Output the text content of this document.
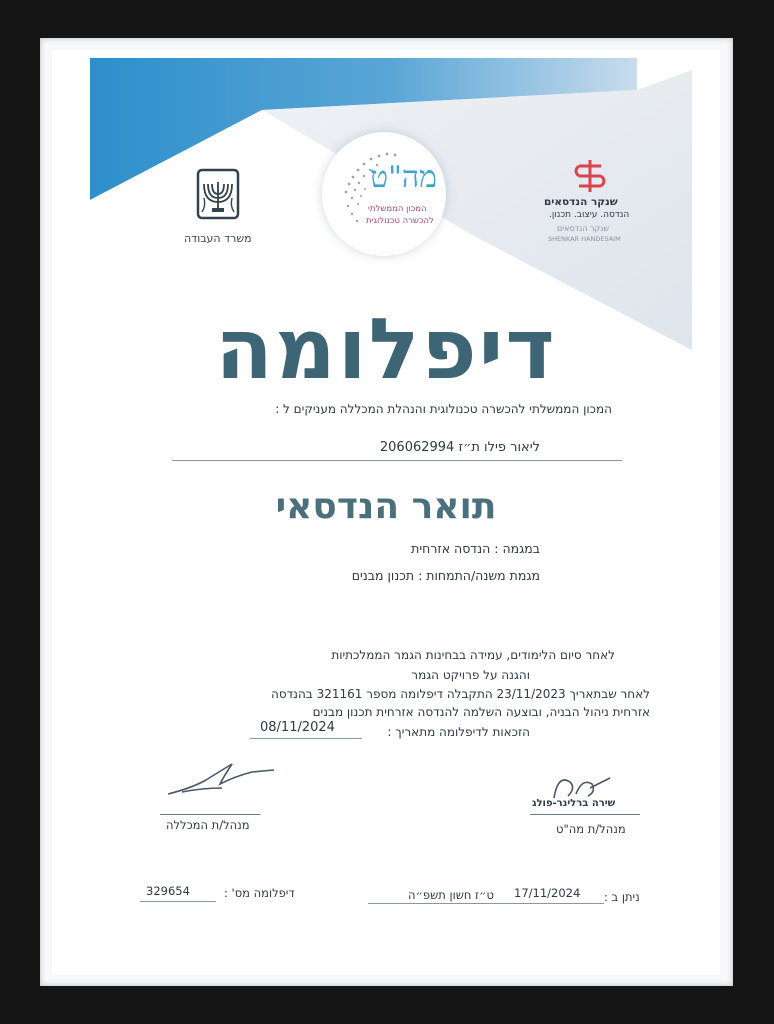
מה"ט
המכון הממשלתי
להכשרה טכנולוגית
משרד העבודה
שנקר הנדסאים
הנדסה. עיצוב. תכנון.
שנקר הנדסאים
SHENKAR HANDESAIM
דיפלומה
המכון הממשלתי להכשרה טכנולוגית והנהלת המכללה מעניקים ל :
ליאור פילו ת״ז 206062994
תואר הנדסאי
במגמה : הנדסה אזרחית
מגמת משנה/התמחות : תכנון מבנים
לאחר סיום הלימודים, עמידה בבחינות הגמר הממלכתיות
והגנה על פרויקט הגמר
לאחר שבתאריך 23/11/2023 התקבלה דיפלומה מספר 321161 בהנדסה
אזרחית ניהול הבניה, ובוצעה השלמה להנדסה אזרחית תכנון מבנים
הזכאות לדיפלומה מתאריך :
08/11/2024
מנהל/ת המכללה
שירה ברלינר-פולג
מנהל/ת מה"ט
דיפלומה מס' :
329654	ניתן ב :
17/11/2024
ט״ז חשון תשפ״ה
